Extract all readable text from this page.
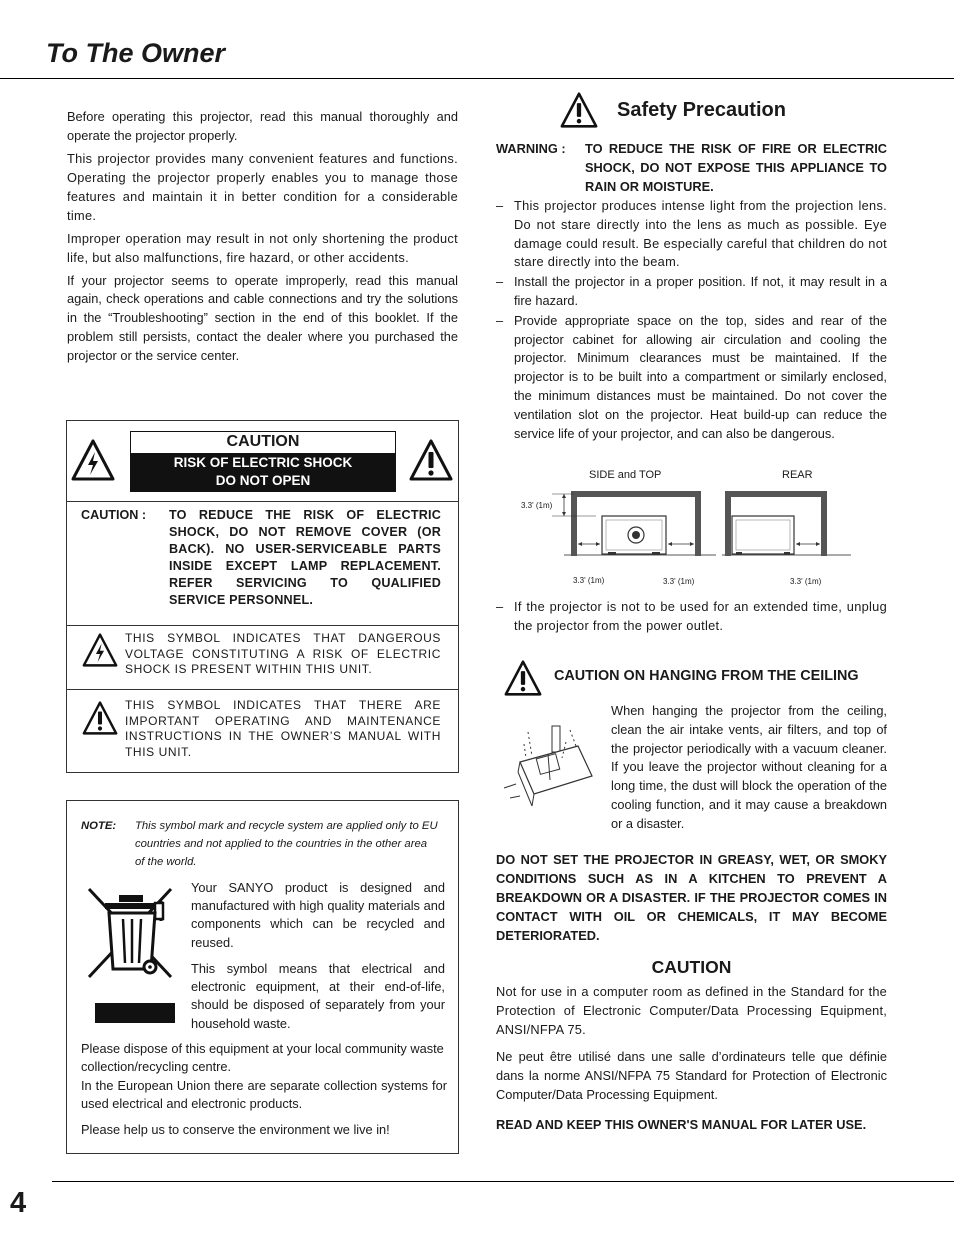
To The Owner

Before operating this projector, read this manual thoroughly and operate the projector properly.

This projector provides many convenient features and functions. Operating the projector properly enables you to manage those features and maintain it in better condition for a considerable time.

Improper operation may result in not only shortening the product life, but also malfunctions, fire hazard, or other accidents.

If your projector seems to operate improperly, read this manual again, check operations and cable connections and try the solutions in the “Troubleshooting” section in the end of this booklet. If the problem still persists, contact the dealer where you purchased the projector or the service center.

CAUTION
RISK OF ELECTRIC SHOCK
DO NOT OPEN
CAUTION : TO REDUCE THE RISK OF ELECTRIC SHOCK, DO NOT REMOVE COVER (OR BACK). NO USER-SERVICEABLE PARTS INSIDE EXCEPT LAMP REPLACEMENT. REFER SERVICING TO QUALIFIED SERVICE PERSONNEL.
THIS SYMBOL INDICATES THAT DANGEROUS VOLTAGE CONSTITUTING A RISK OF ELECTRIC SHOCK IS PRESENT WITHIN THIS UNIT.
THIS SYMBOL INDICATES THAT THERE ARE IMPORTANT OPERATING AND MAINTENANCE INSTRUCTIONS IN THE OWNER’S MANUAL WITH THIS UNIT.
NOTE: This symbol mark and recycle system are applied only to EU countries and not applied to the countries in the other area of the world.
Your SANYO product is designed and manufactured with high quality materials and components which can be recycled and reused.
This symbol means that electrical and electronic equipment, at their end-of-life, should be disposed of separately from your household waste.
Please dispose of this equipment at your local community waste collection/recycling centre.
In the European Union there are separate collection systems for used electrical and electronic products.
Please help us to conserve the environment we live in!
Safety Precaution
WARNING : TO REDUCE THE RISK OF FIRE OR ELECTRIC SHOCK, DO NOT EXPOSE THIS APPLIANCE TO RAIN OR MOISTURE.
– This projector produces intense light from the projection lens. Do not stare directly into the lens as much as possible. Eye damage could result. Be especially careful that children do not stare directly into the beam.
– Install the projector in a proper position. If not, it may result in a fire hazard.
– Provide appropriate space on the top, sides and rear of the projector cabinet for allowing air circulation and cooling the projector. Minimum clearances must be maintained. If the projector is to be built into a compartment or similarly enclosed, the minimum distances must be maintained. Do not cover the ventilation slot on the projector. Heat build-up can reduce the service life of your projector, and can also be dangerous.
SIDE and TOP	REAR
3.3' (1m)
3.3' (1m)	3.3' (1m)	3.3' (1m)
– If the projector is not to be used for an extended time, unplug the projector from the power outlet.
CAUTION ON HANGING FROM THE CEILING
When hanging the projector from the ceiling, clean the air intake vents, air filters, and top of the projector periodically with a vacuum cleaner. If you leave the projector without cleaning for a long time, the dust will block the operation of the cooling function, and it may cause a breakdown or a disaster.
DO NOT SET THE PROJECTOR IN GREASY, WET, OR SMOKY CONDITIONS SUCH AS IN A KITCHEN TO PREVENT A BREAKDOWN OR A DISASTER. IF THE PROJECTOR COMES IN CONTACT WITH OIL OR CHEMICALS, IT MAY BECOME DETERIORATED.
CAUTION
Not for use in a computer room as defined in the Standard for the Protection of Electronic Computer/Data Processing Equipment, ANSI/NFPA 75.
Ne peut être utilisé dans une salle d’ordinateurs telle que définie dans la norme ANSI/NFPA 75 Standard for Protection of Electronic Computer/Data Processing Equipment.
READ AND KEEP THIS OWNER'S MANUAL FOR LATER USE.
4
